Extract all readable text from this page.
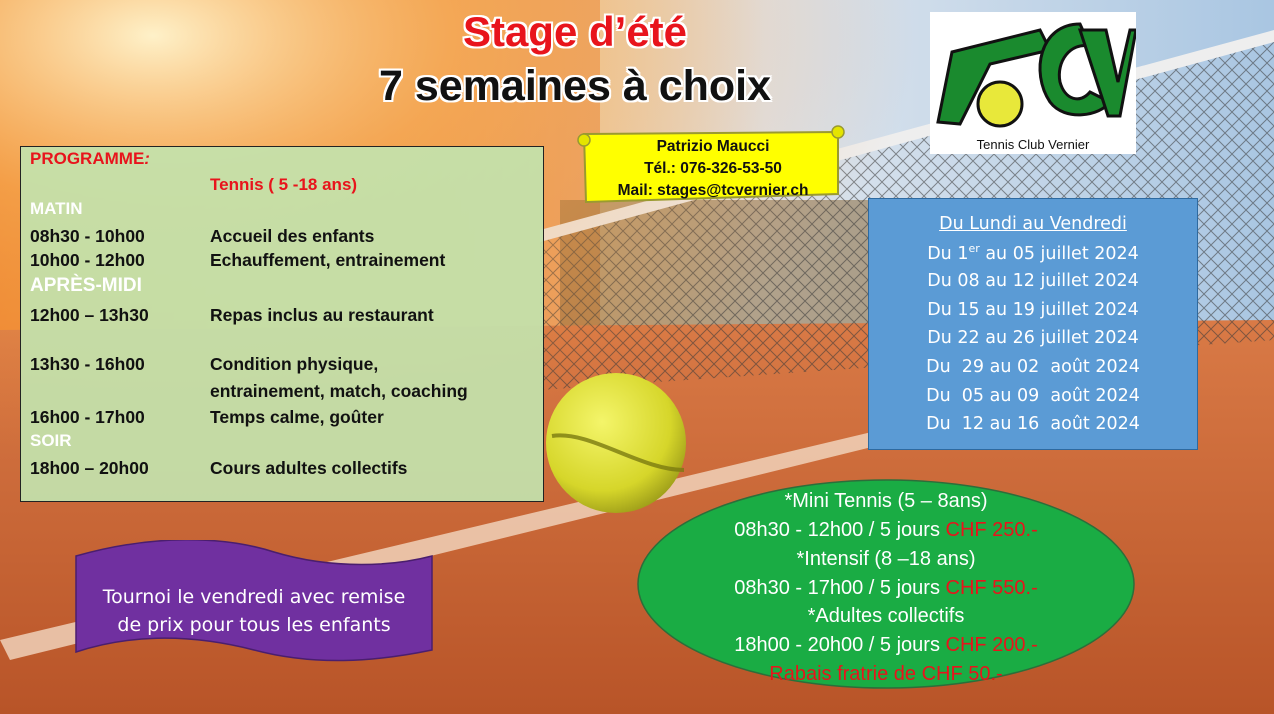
Stage d’été
7 semaines à choix
Tennis Club Vernier
Patrizio Maucci
Tél.: 076-326-53-50
Mail: stages@tcvernier.ch
PROGRAMME:
Tennis ( 5 -18 ans)
MATIN
08h30 - 10h00	Accueil des enfants
10h00 - 12h00	Echauffement, entrainement
APRÈS-MIDI
12h00 – 13h30	Repas inclus au restaurant
13h30 - 16h00	Condition physique,
entrainement, match, coaching
16h00 - 17h00	Temps calme, goûter
SOIR
18h00 – 20h00	Cours adultes collectifs
Du Lundi au Vendredi
Du 1er au 05 juillet 2024
Du 08 au 12 juillet 2024
Du 15 au 19 juillet 2024
Du 22 au 26 juillet 2024
Du  29 au 02  août 2024
Du  05 au 09  août 2024
Du  12 au 16  août 2024
*Mini Tennis (5 – 8ans)
08h30 - 12h00 / 5 jours CHF 250.-
*Intensif (8 –18 ans)
08h30 - 17h00 / 5 jours CHF 550.-
*Adultes collectifs
18h00 - 20h00 / 5 jours CHF 200.-
Rabais fratrie de CHF 50.-
Tournoi le vendredi avec remise
de prix pour tous les enfants
